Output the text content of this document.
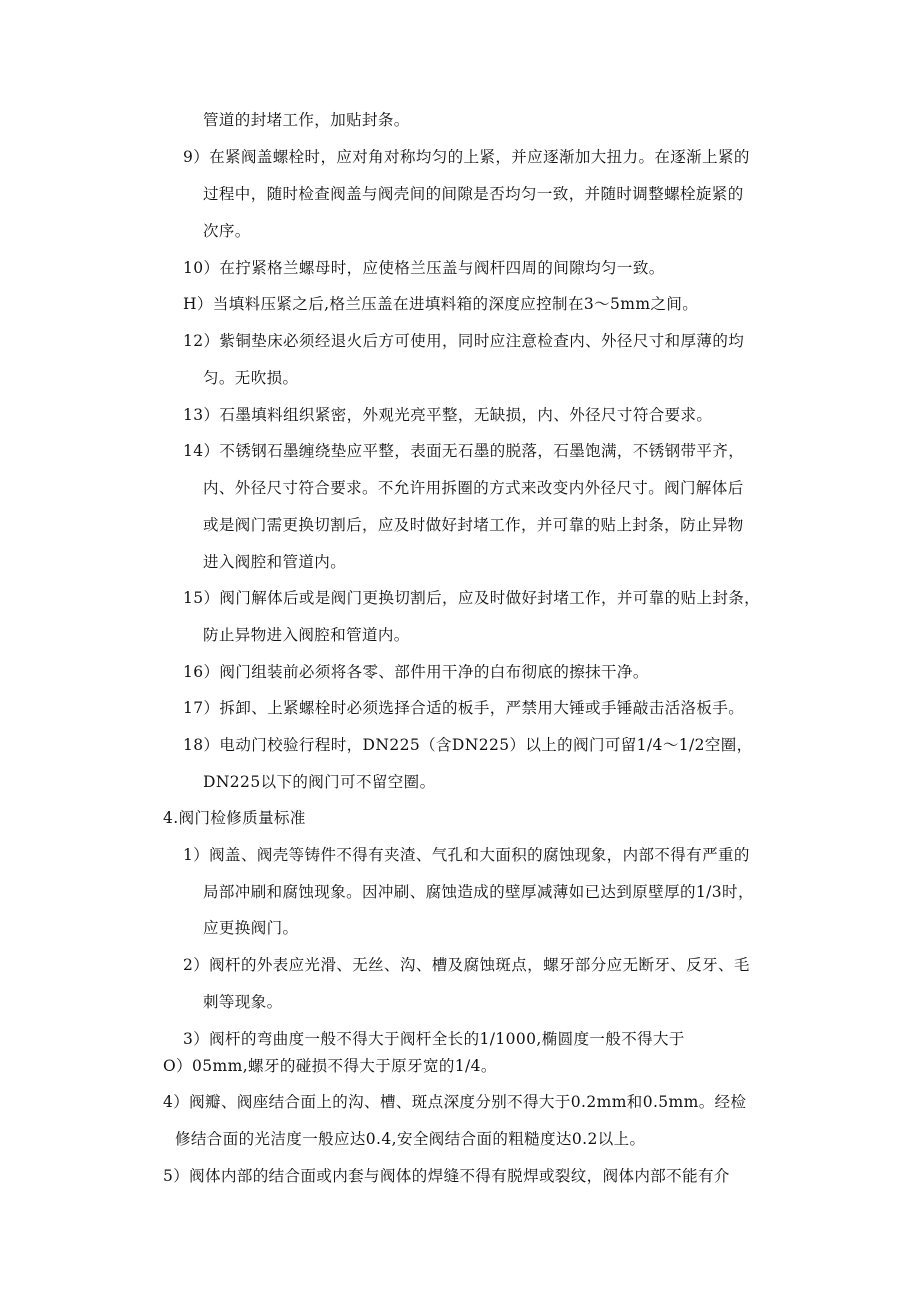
管道的封堵工作，加贴封条。
9）在紧阀盖螺栓时，应对角对称均匀的上紧，并应逐渐加大扭力。在逐渐上紧的
过程中，随时检查阀盖与阀壳间的间隙是否均匀一致，并随时调整螺栓旋紧的
次序。
10）在拧紧格兰螺母时，应使格兰压盖与阀杆四周的间隙均匀一致。
H）当填料压紧之后,格兰压盖在进填料箱的深度应控制在3～5mm之间。
12）紫铜垫床必须经退火后方可使用，同时应注意检查内、外径尺寸和厚薄的均
匀。无吹损。
13）石墨填料组织紧密，外观光亮平整，无缺损，内、外径尺寸符合要求。
14）不锈钢石墨缠绕垫应平整，表面无石墨的脱落，石墨饱满，不锈钢带平齐，
内、外径尺寸符合要求。不允许用拆圈的方式来改变内外径尺寸。阀门解体后
或是阀门需更换切割后，应及时做好封堵工作，并可靠的贴上封条，防止异物
进入阀腔和管道内。
15）阀门解体后或是阀门更换切割后，应及时做好封堵工作，并可靠的贴上封条，
防止异物进入阀腔和管道内。
16）阀门组装前必须将各零、部件用干净的白布彻底的擦抹干净。
17）拆卸、上紧螺栓时必须选择合适的板手，严禁用大锤或手锤敲击活洛板手。
18）电动门校验行程时，DN225（含DN225）以上的阀门可留1/4～1/2空圈，
DN225以下的阀门可不留空圈。
4.阀门检修质量标准
1）阀盖、阀壳等铸件不得有夹渣、气孔和大面积的腐蚀现象，内部不得有严重的
局部冲刷和腐蚀现象。因冲刷、腐蚀造成的壁厚减薄如已达到原壁厚的1/3时，
应更换阀门。
2）阀杆的外表应光滑、无丝、沟、槽及腐蚀斑点，螺牙部分应无断牙、反牙、毛
刺等现象。
3）阀杆的弯曲度一般不得大于阀杆全长的1/1000,椭圆度一般不得大于
O）05mm,螺牙的碰损不得大于原牙宽的1/4。
4）阀瓣、阀座结合面上的沟、槽、斑点深度分别不得大于0.2mm和0.5mm。经检
修结合面的光洁度一般应达0.4,安全阀结合面的粗糙度达0.2以上。
5）阀体内部的结合面或内套与阀体的焊缝不得有脱焊或裂纹，阀体内部不能有介
